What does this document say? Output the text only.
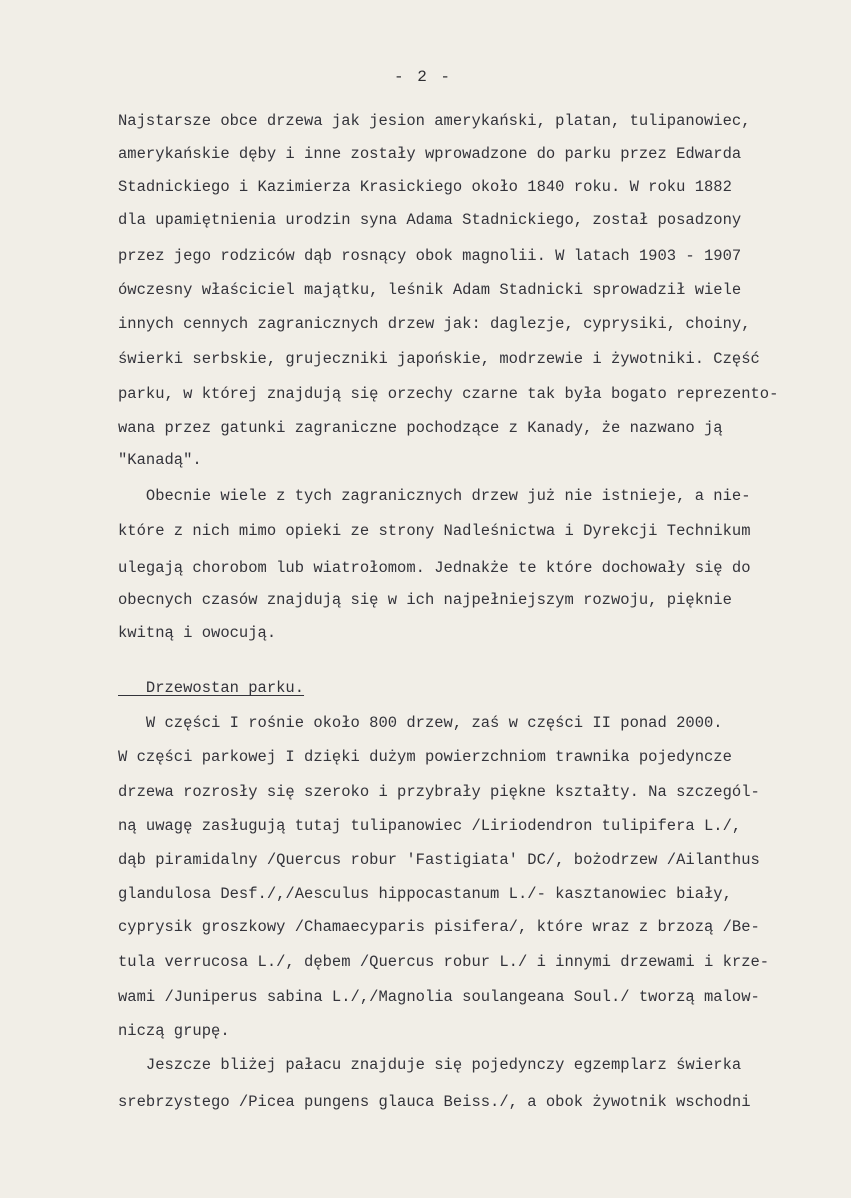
- 2 -
Najstarsze obce drzewa jak jesion amerykański, platan, tulipanowiec,
amerykańskie dęby i inne zostały wprowadzone do parku przez Edwarda
Stadnickiego i Kazimierza Krasickiego około 1840 roku. W roku 1882
dla upamiętnienia urodzin syna Adama Stadnickiego, został posadzony
przez jego rodziców dąb rosnący obok magnolii. W latach 1903 - 1907
ówczesny właściciel majątku, leśnik Adam Stadnicki sprowadził wiele
innych cennych zagranicznych drzew jak: daglezje, cyprysiki, choiny,
świerki serbskie, grujeczniki japońskie, modrzewie i żywotniki. Część
parku, w której znajdują się orzechy czarne tak była bogato reprezento-
wana przez gatunki zagraniczne pochodzące z Kanady, że nazwano ją
"Kanadą".
Obecnie wiele z tych zagranicznych drzew już nie istnieje, a nie-
które z nich mimo opieki ze strony Nadleśnictwa i Dyrekcji Technikum
ulegają chorobom lub wiatrołomom. Jednakże te które dochowały się do
obecnych czasów znajdują się w ich najpełniejszym rozwoju, pięknie
kwitną i owocują.
Drzewostan parku.
W części I rośnie około 800 drzew, zaś w części II ponad 2000.
W części parkowej I dzięki dużym powierzchniom trawnika pojedyncze
drzewa rozrosły się szeroko i przybrały piękne kształty. Na szczegól-
ną uwagę zasługują tutaj tulipanowiec /Liriodendron tulipifera L./,
dąb piramidalny /Quercus robur 'Fastigiata' DC/, bożodrzew /Ailanthus
glandulosa Desf./,/Aesculus hippocastanum L./- kasztanowiec biały,
cyprysik groszkowy /Chamaecyparis pisifera/, które wraz z brzozą /Be-
tula verrucosa L./, dębem /Quercus robur L./ i innymi drzewami i krze-
wami /Juniperus sabina L./,/Magnolia soulangeana Soul./ tworzą malow-
niczą grupę.
Jeszcze bliżej pałacu znajduje się pojedynczy egzemplarz świerka
srebrzystego /Picea pungens glauca Beiss./, a obok żywotnik wschodni
